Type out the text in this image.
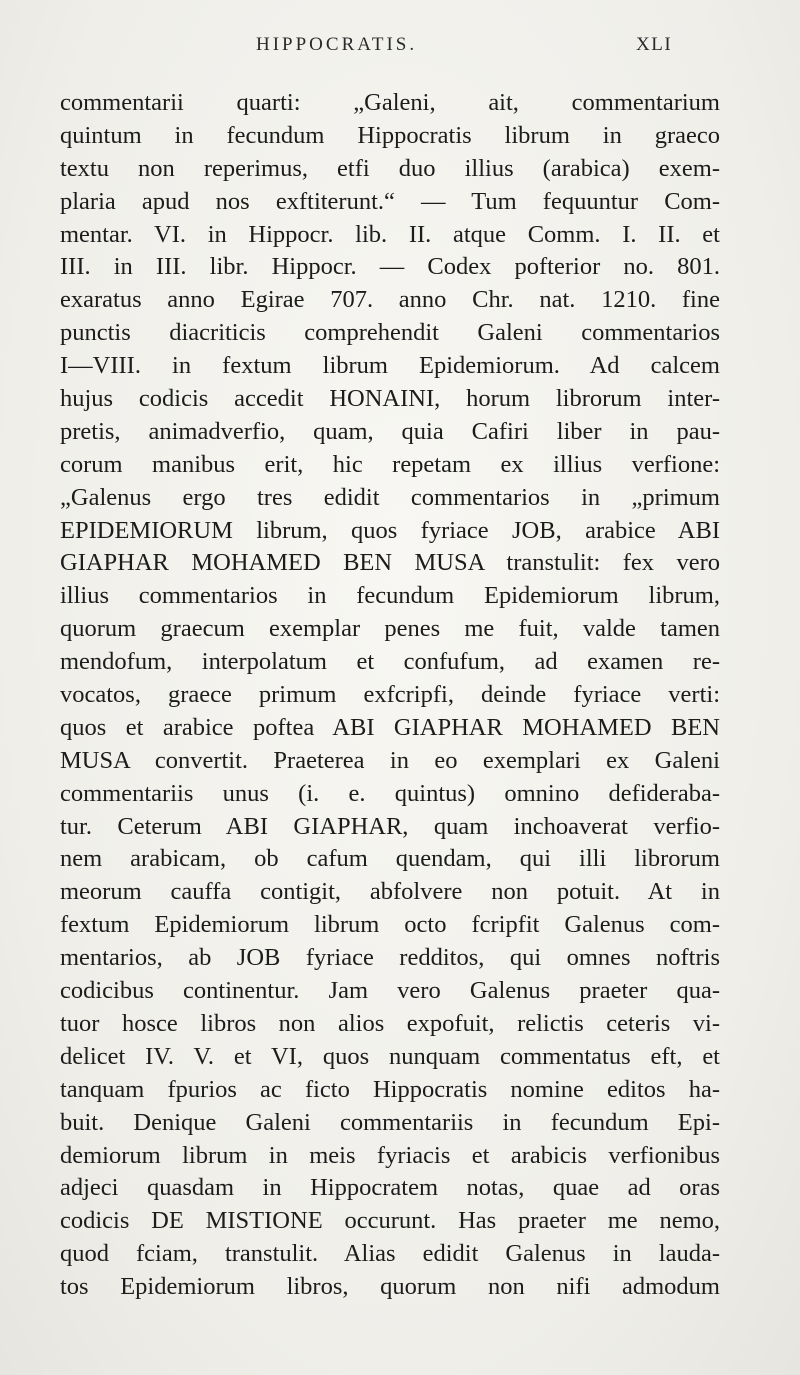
HIPPOCRATIS.	XLI
commentarii quarti: „Galeni, ait, commentarium
quintum in fecundum Hippocratis librum in graeco
textu non reperimus, etfi duo illius (arabica) exem-
plaria apud nos exftiterunt.“ — Tum fequuntur Com-
mentar. VI. in Hippocr. lib. II. atque Comm. I. II. et
III. in III. libr. Hippocr. — Codex pofterior no. 801.
exaratus anno Egirae 707. anno Chr. nat. 1210. fine
punctis diacriticis comprehendit Galeni commentarios
I—VIII. in fextum librum Epidemiorum. Ad calcem
hujus codicis accedit HONAINI, horum librorum inter-
pretis, animadverfio, quam, quia Cafiri liber in pau-
corum manibus erit, hic repetam ex illius verfione:
„Galenus ergo tres edidit commentarios in „primum
EPIDEMIORUM librum, quos fyriace JOB, arabice ABI
GIAPHAR MOHAMED BEN MUSA transtulit: fex vero
illius commentarios in fecundum Epidemiorum librum,
quorum graecum exemplar penes me fuit, valde tamen
mendofum, interpolatum et confufum, ad examen re-
vocatos, graece primum exfcripfi, deinde fyriace verti:
quos et arabice poftea ABI GIAPHAR MOHAMED BEN
MUSA convertit. Praeterea in eo exemplari ex Galeni
commentariis unus (i. e. quintus) omnino defiderabа-
tur. Ceterum ABI GIAPHAR, quam inchoaverat verfio-
nem arabicam, ob cafum quendam, qui illi librorum
meorum cauffa contigit, abfolvere non potuit. At in
fextum Epidemiorum librum octo fcripfit Galenus com-
mentarios, ab JOB fyriace redditos, qui omnes noftris
codicibus continentur. Jam vero Galenus praeter qua-
tuor hosce libros non alios expofuit, relictis ceteris vi-
delicet IV. V. et VI, quos nunquam commentatus eft, et
tanquam fpurios ac ficto Hippocratis nomine editos ha-
buit. Denique Galeni commentariis in fecundum Epi-
demiorum librum in meis fyriacis et arabicis verfionibus
adjeci quasdam in Hippocratem notas, quae ad oras
codicis DE MISTIONE occurunt. Has praeter me nemo,
quod fciam, transtulit. Alias edidit Galenus in lauda-
tos Epidemiorum libros, quorum non nifi admodum
